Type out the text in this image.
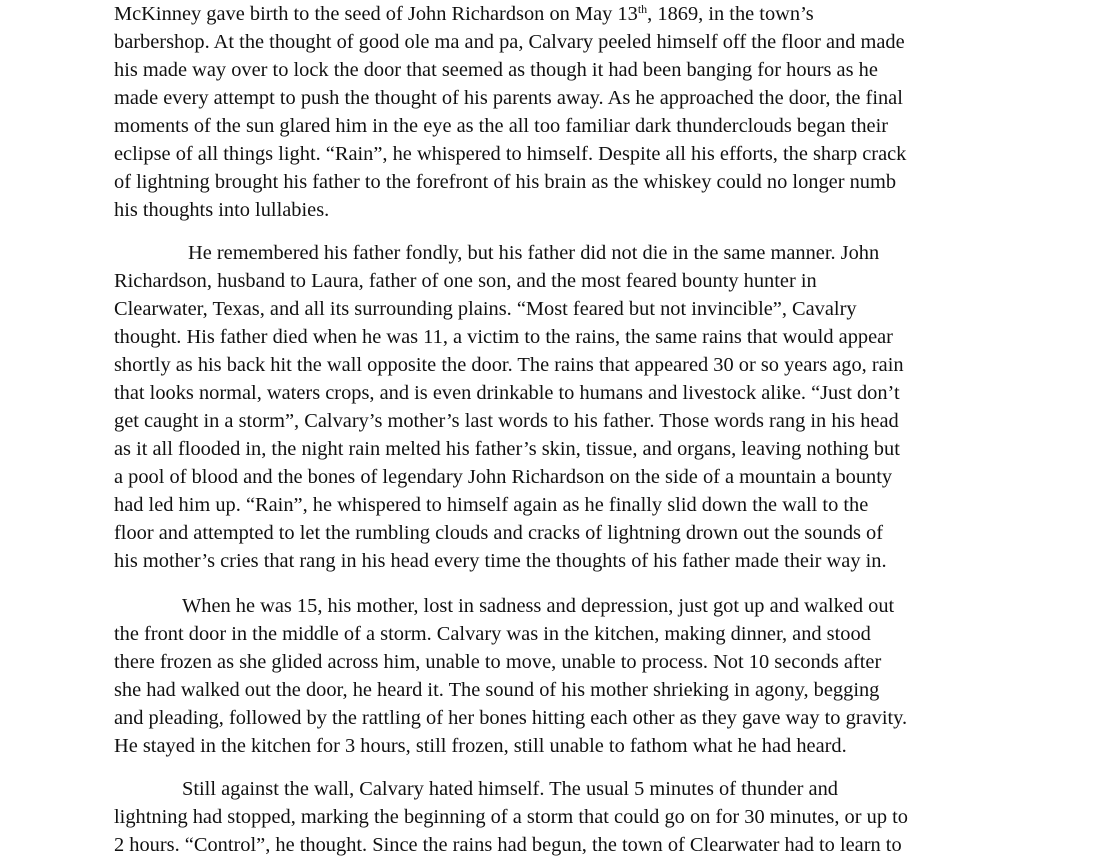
McKinney gave birth to the seed of John Richardson on May 13th, 1869, in the town’s
barbershop. At the thought of good ole ma and pa, Calvary peeled himself off the floor and made
his made way over to lock the door that seemed as though it had been banging for hours as he
made every attempt to push the thought of his parents away. As he approached the door, the final
moments of the sun glared him in the eye as the all too familiar dark thunderclouds began their
eclipse of all things light. “Rain”, he whispered to himself. Despite all his efforts, the sharp crack
of lightning brought his father to the forefront of his brain as the whiskey could no longer numb
his thoughts into lullabies.
He remembered his father fondly, but his father did not die in the same manner. John
Richardson, husband to Laura, father of one son, and the most feared bounty hunter in
Clearwater, Texas, and all its surrounding plains. “Most feared but not invincible”, Cavalry
thought. His father died when he was 11, a victim to the rains, the same rains that would appear
shortly as his back hit the wall opposite the door. The rains that appeared 30 or so years ago, rain
that looks normal, waters crops, and is even drinkable to humans and livestock alike. “Just don’t
get caught in a storm”, Calvary’s mother’s last words to his father. Those words rang in his head
as it all flooded in, the night rain melted his father’s skin, tissue, and organs, leaving nothing but
a pool of blood and the bones of legendary John Richardson on the side of a mountain a bounty
had led him up. “Rain”, he whispered to himself again as he finally slid down the wall to the
floor and attempted to let the rumbling clouds and cracks of lightning drown out the sounds of
his mother’s cries that rang in his head every time the thoughts of his father made their way in.
When he was 15, his mother, lost in sadness and depression, just got up and walked out
the front door in the middle of a storm. Calvary was in the kitchen, making dinner, and stood
there frozen as she glided across him, unable to move, unable to process. Not 10 seconds after
she had walked out the door, he heard it. The sound of his mother shrieking in agony, begging
and pleading, followed by the rattling of her bones hitting each other as they gave way to gravity.
He stayed in the kitchen for 3 hours, still frozen, still unable to fathom what he had heard.
Still against the wall, Calvary hated himself. The usual 5 minutes of thunder and
lightning had stopped, marking the beginning of a storm that could go on for 30 minutes, or up to
2 hours. “Control”, he thought. Since the rains had begun, the town of Clearwater had to learn to
